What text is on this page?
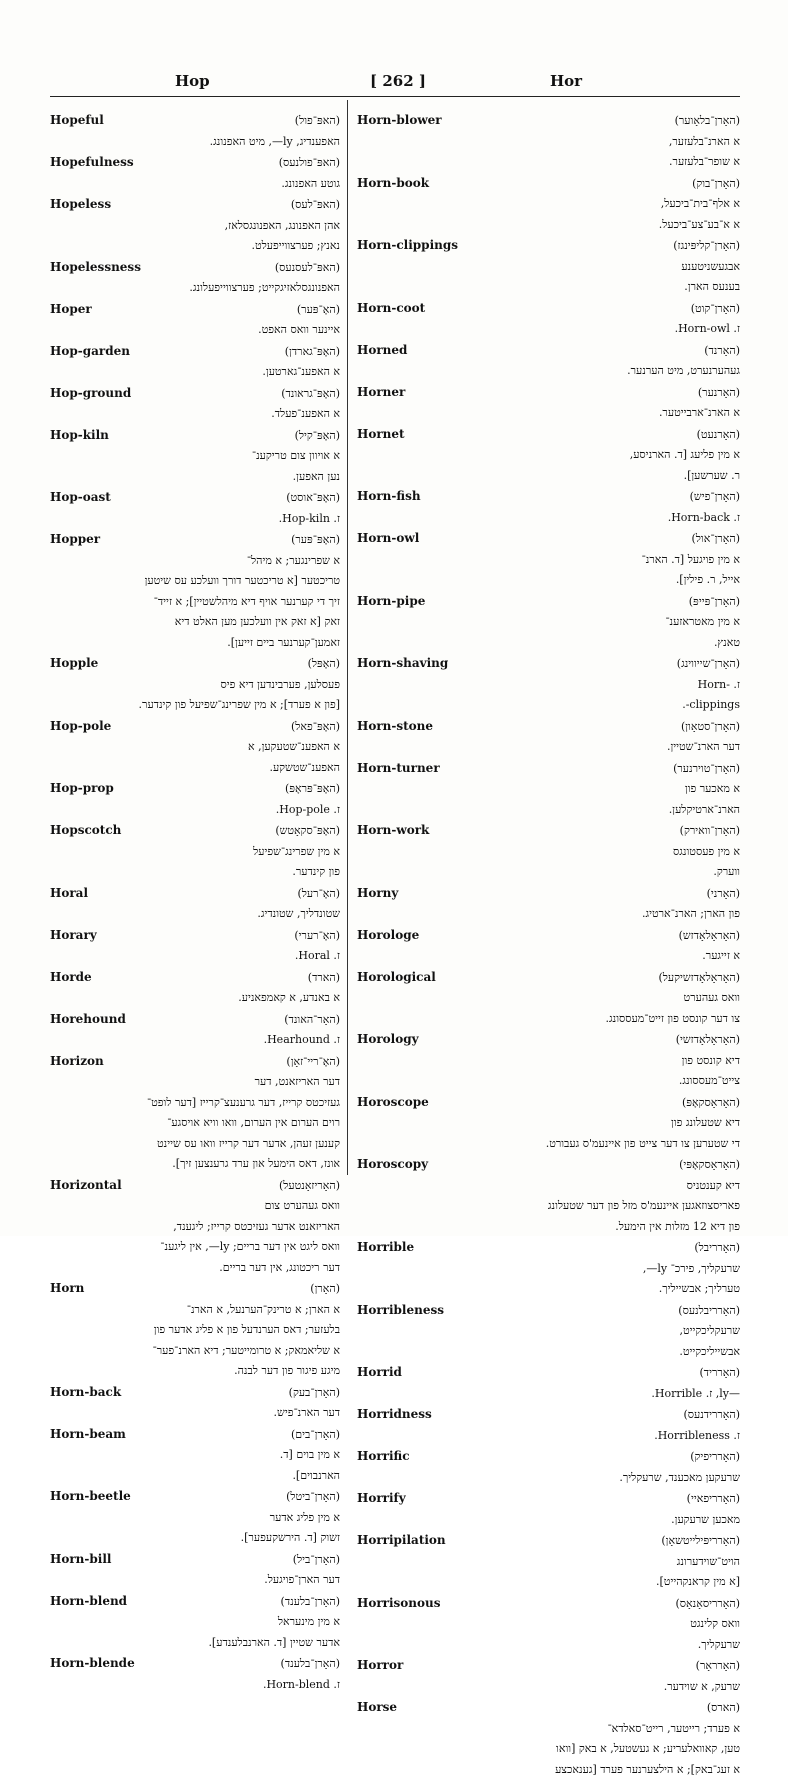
Hop	[ 262 ]	Hor
Hopeful	(האפּ־פול)
האפענדיג, ly—, מיט האפנונג.
Hopefulness	(האפּ־פולנעס)
גוטע האפנונג.
Hopeless	(האפּ־לעס)
אהן האפנונג, האפנונגסלאז,
נאנץ; פערצווייפעלט.
Hopelessness	(האפּ־לעסנעס)
האפנונגסלאזיגקייט; פערצווייפעלונג.
Hoper	(האָ־פּער)
איינער וואס האפט.
Hop-garden	(האָפּ־גארדן)
א האפענ־גארטען.
Hop-ground	(האָפּ־גראונד)
א האפענ־פעלד.
Hop-kiln	(האָפּ־קיל)
א אויוון צום טריקענ־
נען האפען.
Hop-oast	(האָפּ־אוסט)
.Hop-kiln .ז
Hopper	(האָפּ־פּער)
א שפרינגער; א מיהל־
טריכטער [א טריכטער דורך וועלכע עס שיטען
זיך די קערנער אויף דיא מיהלשטיין]; א זייד־
זאק [א זאק אין וועלכען מען האלט דיא
זאמען־קערנער ביים זייען].
Hopple	(האָפּל)
פעסלען, פערבינדען דיא פיס
[פון א פערד]; א מין שפרינג־שפיעל פון קינדער.
Hop-pole	(האָפּ־פאל)
א האפענ־שטעקען, א
האפענ־שטשקע.
Hop-prop	(האָפּ־פּראָפּ)
.Hop-pole .ז
Hopscotch	(האָפּ־סקאָטש)
א מין שפרינג־שפיעל
פון קינדער.
Horal	(האָ־רעל)
שטונדליך, שטונדיג.
Horary	(האָ־רערי)
.Horal .ז
Horde	(הארד)
א באנדע, א קאמפאניע.
Horehound	(האָר־האונד)
.Hearhound .ז
Horizon	(האָ־ריי־זאָן)
דער האריזאנט, דער
געזיכטס קרייז, דער גרענעצ־קרייז [דער לופט־
רוים הערום אין הערום, וואו וויא אויסגע־
קענען זעהן, אדער דער קרייז וואו עס שיינט
אונז, דאס הימעל און ערד גרענצען זיך].
Horizontal	(האָריזאָנטעל)
וואס געהערט צום
האריזאנט אדער געזיכטס קרייז; ליגענד,
וואס ליגט אין דער בריים; ly—, אין ליגענ־
דער ריכטונג, אין דער בריים.
Horn	(האָרן)
א הארן; א טרינק־הערנעל, א הארנ־
בלעזער; דאס הערנדעל פון א פליג אדער פון
א שליאמאק; א טרומייטער; דיא הארנ־פער־
מיגע פיגור פון דער לבנה.
Horn-back	(האָרן־בעק)
דער הארנ־פיש.
Horn-beam	(האָרן־בים)
א מין בוים [ד.
הארנבוים].
Horn-beetle	(האָרן־ביטל)
א מין פליג אדער
זשוק [ד. הירשקעפער].
Horn-bill	(האָרן־ביל)
דער הארן־פויגעל.
Horn-blend	(האָרן־בלענד)
א מין מינעראל
אדער שטיין [ד. הארנבלענדע].
Horn-blende	(האָרן־בלענד)
.Horn-blend .ז
Horn-blower	(האָרן־בלאָוער)
א הארנ־בלעזער,
א שופר־בלעזער.
Horn-book	(האָרן־בוק)
א אלף־בית־ביכעל,
א א־בע־צע־ביכעל.
Horn-clippings	(האָרן־קליפּינגז)
אבגעשניטענע
בענעס הארן.
Horn-coot	(האָרן־קוט)
.Horn-owl .ז
Horned	(האָרנד)
געהערנערט, מיט הערנער.
Horner	(האָרנער)
א הארנ־ארבייטער.
Hornet	(האָרנעט)
א מין פליעג [ד. הארניסע,
ר. שערשען].
Horn-fish	(האָרן־פיש)
.Horn-back .ז
Horn-owl	(האָרן־אול)
א מין פויגעל [ד. הארנ־
אייל, ר. פילין].
Horn-pipe	(האָרן־פּייפּ)
א מין מאטראזענ־
טאנץ.
Horn-shaving	(האָרן־שייווינג)
Horn- .ז
.-clippings
Horn-stone	(האָרן־סטאָון)
דער הארנ־שטיין.
Horn-turner	(האָרן־טוירנער)
א מאכער פון
הארנ־ארטיקלען.
Horn-work	(האָרן־וואירק)
א מין פעסטונגס
ווערק.
Horny	(האָרני)
פון הארן; הארנ־ארטיג.
Horologe	(האָראָלאָדזש)
א זייגער.
Horological	(האָראָלאָדזשיקעל)
וואס געהערט
צו דער קונסט פון זייט־מעססונג.
Horology	(האָראָלאָדזשי)
דיא קונסט פון
צייט־מעססונג.
Horoscope	(האָראָסקאָפּ)
דיא שטעלונג פון
די שטערען צו דער צייט פון איינעמ'ס געבורט.
Horoscopy	(האָראָסקאָפּי)
דיא קענטניס
פאריסצוזאגען איינעמ'ס מזל פון דער שטעלונג
פון דיא 12 מזלות אין הימעל.
Horrible	(האָרריבל)
שרעקליך, פירכ־ ly—,
טערליך; אבשייליך.
Horribleness	(האָרריבלנעס)
שרעקליכקייט,
אבשייליכקייט.
Horrid	(האָרריד)
.Horrible .ז ,ly—
Horridness	(האָררידנעס)
.Horribleness .ז
Horrific	(האָרריפיק)
שרעקען מאכענד, שרעקליך.
Horrify	(האָרריפאיי)
מאכען שרעקען.
Horripilation	(האָרריפּילייטשאָן)
הויט־שוידערונג
[א מין קראנקהייט].
Horrisonous	(האָרריסאָנאָס)
וואס קלינגט
שרעקליך.
Horror	(האָרראָר)
שרעק, א שוידער.
Horse	(הארס)
א פערד; רייטער, רייט־סאלדא־
טען, קאוואלעריע; א געשטעל, א באק [וואו
א זעג־באק]; א הילצערנער פערד [גענאכצע
